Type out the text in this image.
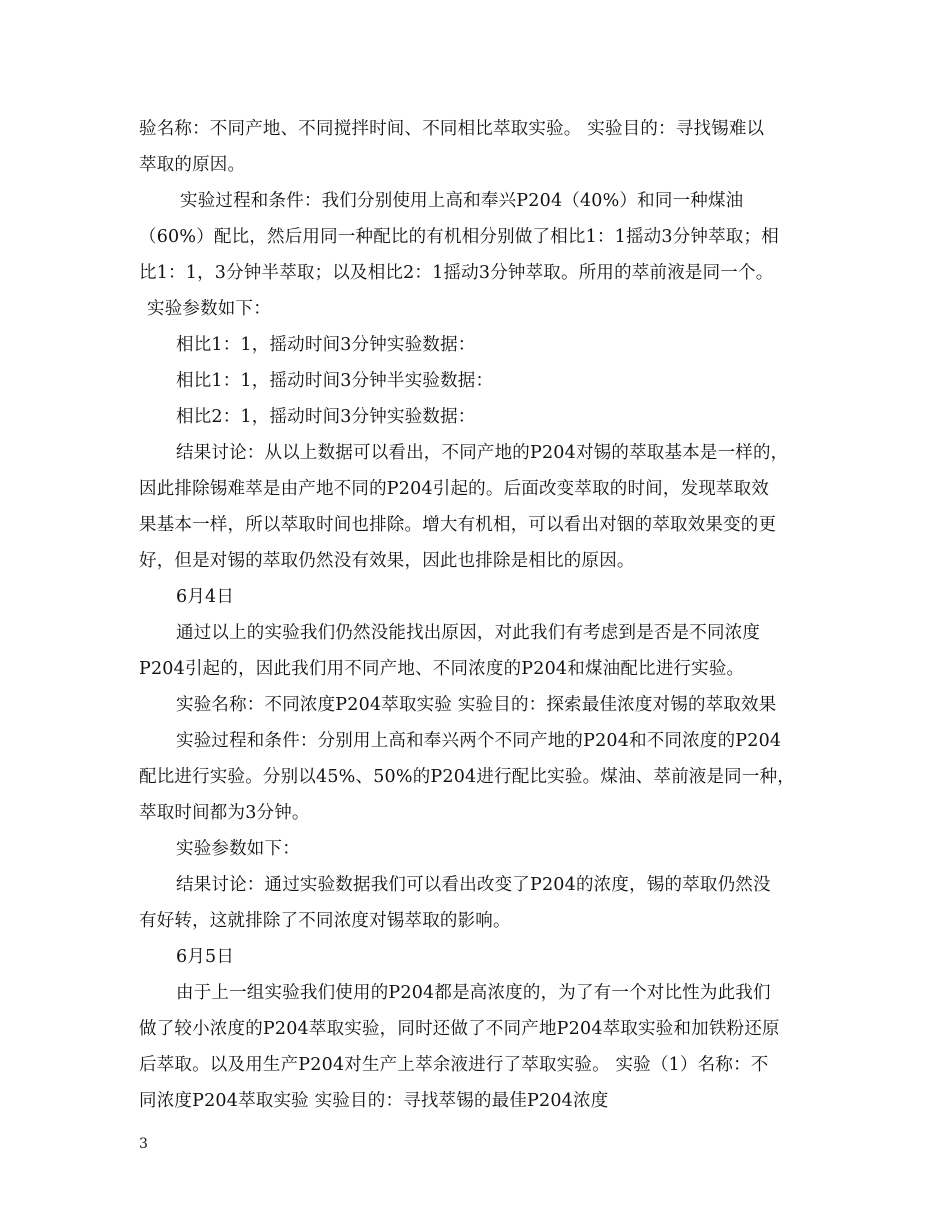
验名称：不同产地、不同搅拌时间、不同相比萃取实验。 实验目的：寻找锡难以
萃取的原因。
实验过程和条件：我们分别使用上高和奉兴P204（40%）和同一种煤油
（60%）配比，然后用同一种配比的有机相分别做了相比1：1摇动3分钟萃取；相
比1：1，3分钟半萃取；以及相比2：1摇动3分钟萃取。所用的萃前液是同一个。
实验参数如下：
相比1：1，摇动时间3分钟实验数据：
相比1：1，摇动时间3分钟半实验数据：
相比2：1，摇动时间3分钟实验数据：
结果讨论：从以上数据可以看出，不同产地的P204对锡的萃取基本是一样的，
因此排除锡难萃是由产地不同的P204引起的。后面改变萃取的时间，发现萃取效
果基本一样，所以萃取时间也排除。增大有机相，可以看出对铟的萃取效果变的更
好，但是对锡的萃取仍然没有效果，因此也排除是相比的原因。
6月4日
通过以上的实验我们仍然没能找出原因，对此我们有考虑到是否是不同浓度
P204引起的，因此我们用不同产地、不同浓度的P204和煤油配比进行实验。
实验名称：不同浓度P204萃取实验 实验目的：探索最佳浓度对锡的萃取效果
实验过程和条件：分别用上高和奉兴两个不同产地的P204和不同浓度的P204
配比进行实验。分别以45%、50%的P204进行配比实验。煤油、萃前液是同一种，
萃取时间都为3分钟。
实验参数如下：
结果讨论：通过实验数据我们可以看出改变了P204的浓度，锡的萃取仍然没
有好转，这就排除了不同浓度对锡萃取的影响。
6月5日
由于上一组实验我们使用的P204都是高浓度的，为了有一个对比性为此我们
做了较小浓度的P204萃取实验，同时还做了不同产地P204萃取实验和加铁粉还原
后萃取。以及用生产P204对生产上萃余液进行了萃取实验。 实验（1）名称：不
同浓度P204萃取实验 实验目的：寻找萃锡的最佳P204浓度
3
